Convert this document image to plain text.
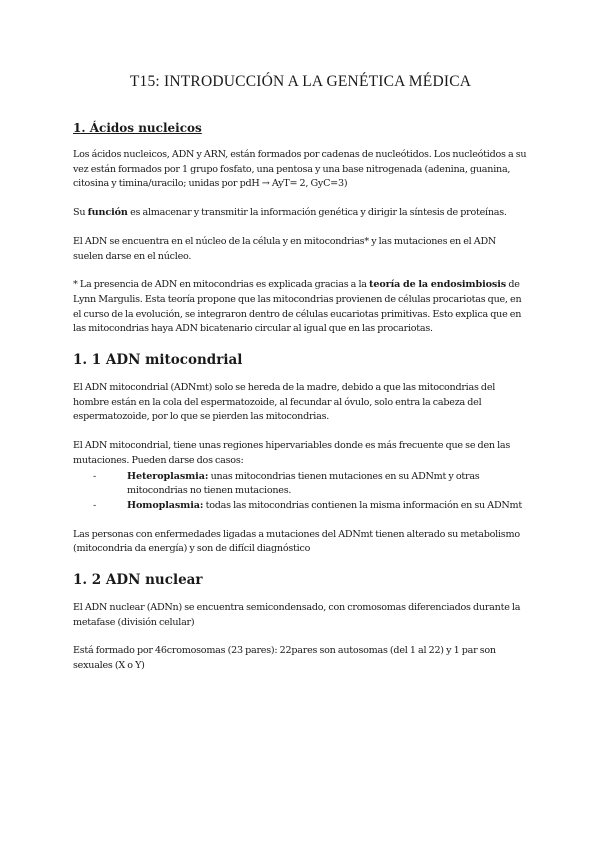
T15: INTRODUCCIÓN A LA GENÉTICA MÉDICA
1. Ácidos nucleicos

Los ácidos nucleicos, ADN y ARN, están formados por cadenas de nucleótidos. Los nucleótidos a su vez están formados por 1 grupo fosfato, una pentosa y una base nitrogenada (adenina, guanina, citosina y timina/uracilo; unidas por pdH → AyT= 2, GyC=3)

Su función es almacenar y transmitir la información genética y dirigir la síntesis de proteínas.

El ADN se encuentra en el núcleo de la célula y en mitocondrias* y las mutaciones en el ADN suelen darse en el núcleo.

* La presencia de ADN en mitocondrias es explicada gracias a la teoría de la endosimbiosis de Lynn Margulis. Esta teoría propone que las mitocondrias provienen de células procariotas que, en el curso de la evolución, se integraron dentro de células eucariotas primitivas. Esto explica que en las mitocondrias haya ADN bicatenario circular al igual que en las procariotas.

1. 1 ADN mitocondrial

El ADN mitocondrial (ADNmt) solo se hereda de la madre, debido a que las mitocondrias del hombre están en la cola del espermatozoide, al fecundar al óvulo, solo entra la cabeza del espermatozoide, por lo que se pierden las mitocondrias.

El ADN mitocondrial, tiene unas regiones hipervariables donde es más frecuente que se den las mutaciones. Pueden darse dos casos:

-	Heteroplasmia: unas mitocondrias tienen mutaciones en su ADNmt y otras mitocondrias no tienen mutaciones.
-	Homoplasmia: todas las mitocondrias contienen la misma información en su ADNmt

Las personas con enfermedades ligadas a mutaciones del ADNmt tienen alterado su metabolismo (mitocondria da energía) y son de difícil diagnóstico

1. 2 ADN nuclear

El ADN nuclear (ADNn) se encuentra semicondensado, con cromosomas diferenciados durante la metafase (división celular)

Está formado por 46cromosomas (23 pares): 22pares son autosomas (del 1 al 22) y 1 par son sexuales (X o Y)
